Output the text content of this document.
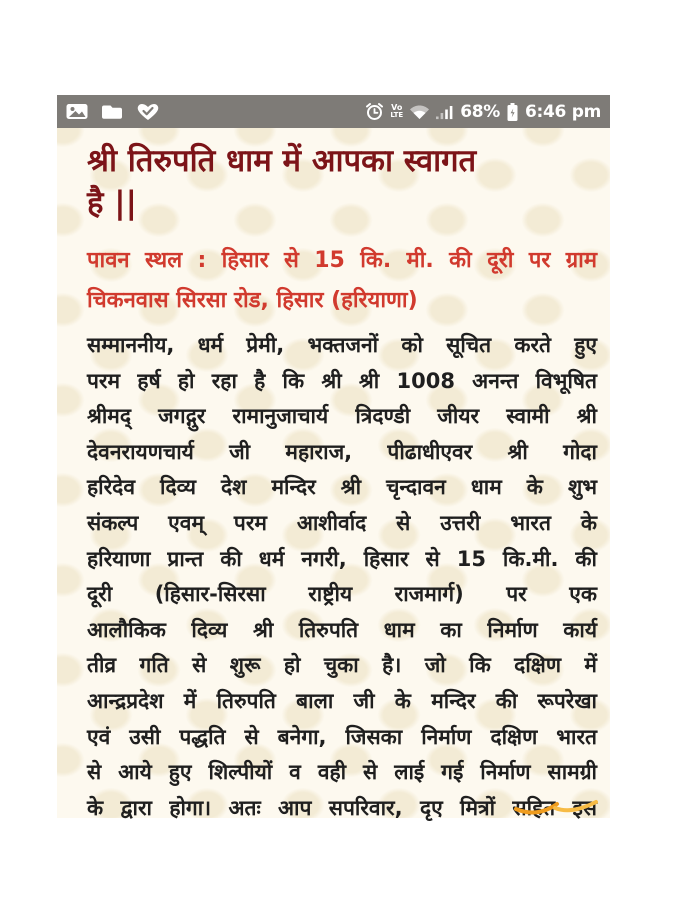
Vo
LTE	68% 6:46 pm
श्री तिरुपति धाम में आपका स्वागत
है ||
पावन स्थल : हिसार से 15 कि. मी. की दूरी पर ग्राम
चिकनवास सिरसा रोड, हिसार (हरियाणा)
सम्माननीय, धर्म प्रेमी, भक्तजनों को सूचित करते हुए
परम हर्ष हो रहा है कि श्री श्री 1008 अनन्त विभूषित
श्रीमद् जगद्गुर रामानुजाचार्य त्रिदण्डी जीयर स्वामी श्री
देवनरायणचार्य जी महाराज, पीढाधीएवर श्री गोदा
हरिदेव दिव्य देश मन्दिर श्री चृन्दावन धाम के शुभ
संकल्प एवम् परम आशीर्वाद से उत्तरी भारत के
हरियाणा प्रान्त की धर्म नगरी, हिसार से 15 कि.मी. की
दूरी (हिसार-सिरसा राष्ट्रीय राजमार्ग) पर एक
आलौकिक दिव्य श्री तिरुपति धाम का निर्माण कार्य
तीव्र गति से शुरू हो चुका है। जो कि दक्षिण में
आन्द्रप्रदेश में तिरुपति बाला जी के मन्दिर की रूपरेखा
एवं उसी पद्धति से बनेगा, जिसका निर्माण दक्षिण भारत
से आये हुए शिल्पीयों व वही से लाई गई निर्माण सामग्री
के द्वारा होगा। अतः आप सपरिवार, दृए मित्रों सहित इस
